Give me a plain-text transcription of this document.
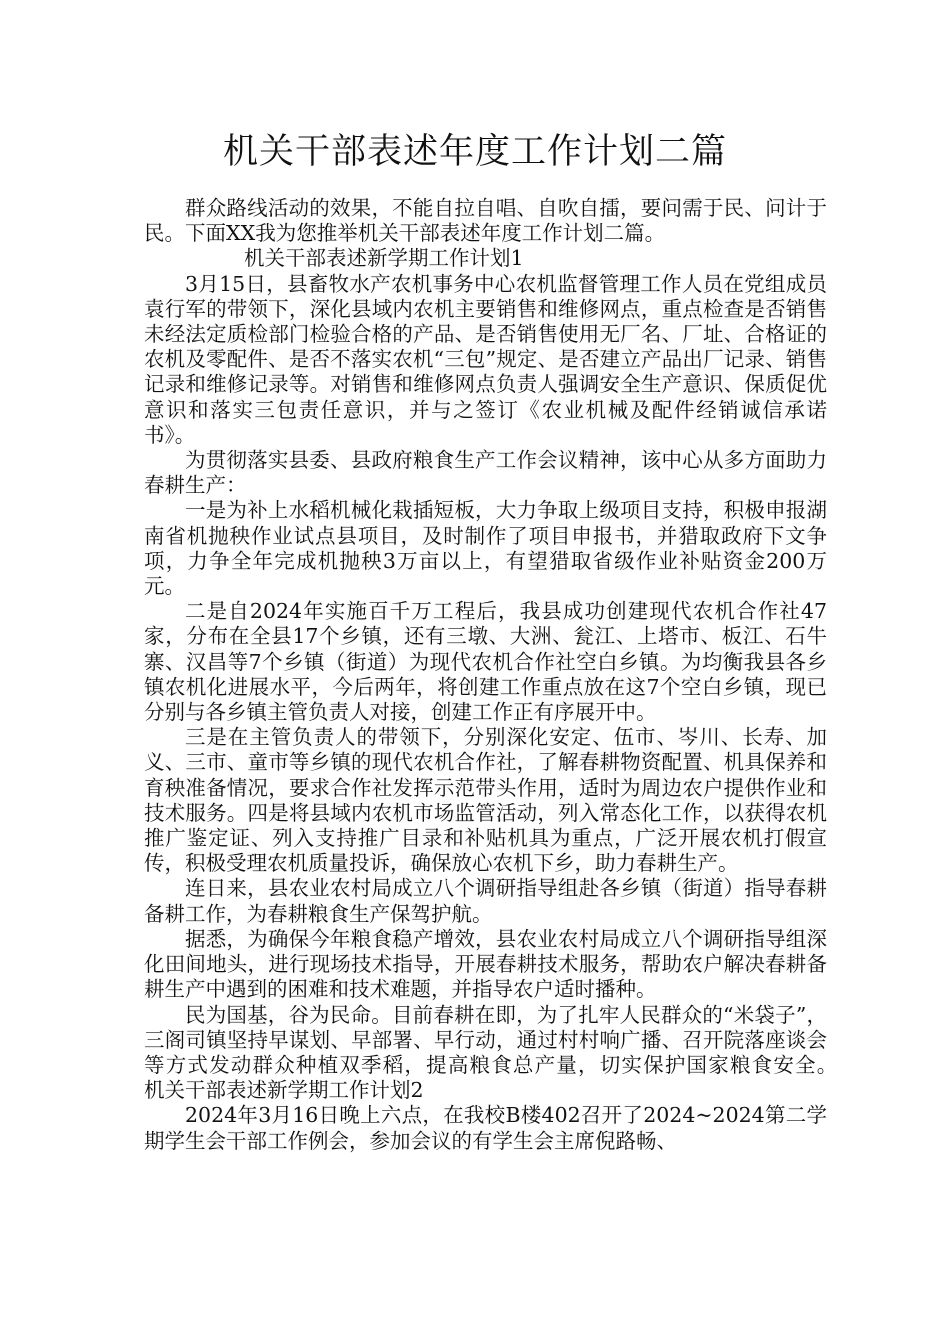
机关干部表述年度工作计划二篇

群众路线活动的效果，不能自拉自唱、自吹自擂，要问需于民、问计于民。下面XX我为您推举机关干部表述年度工作计划二篇。

机关干部表述新学期工作计划1

3月15日，县畜牧水产农机事务中心农机监督管理工作人员在党组成员袁行军的带领下，深化县域内农机主要销售和维修网点，重点检查是否销售未经法定质检部门检验合格的产品、是否销售使用无厂名、厂址、合格证的农机及零配件、是否不落实农机“三包”规定、是否建立产品出厂记录、销售记录和维修记录等。对销售和维修网点负责人强调安全生产意识、保质促优意识和落实三包责任意识，并与之签订《农业机械及配件经销诚信承诺书》。

为贯彻落实县委、县政府粮食生产工作会议精神，该中心从多方面助力春耕生产：

一是为补上水稻机械化栽插短板，大力争取上级项目支持，积极申报湖南省机抛秧作业试点县项目，及时制作了项目申报书，并猎取政府下文争项，力争全年完成机抛秧3万亩以上，有望猎取省级作业补贴资金200万元。

二是自2024年实施百千万工程后，我县成功创建现代农机合作社47家，分布在全县17个乡镇，还有三墩、大洲、瓮江、上塔市、板江、石牛寨、汉昌等7个乡镇（街道）为现代农机合作社空白乡镇。为均衡我县各乡镇农机化进展水平，今后两年，将创建工作重点放在这7个空白乡镇，现已分别与各乡镇主管负责人对接，创建工作正有序展开中。

三是在主管负责人的带领下，分别深化安定、伍市、岑川、长寿、加义、三市、童市等乡镇的现代农机合作社，了解春耕物资配置、机具保养和育秧准备情况，要求合作社发挥示范带头作用，适时为周边农户提供作业和技术服务。四是将县域内农机市场监管活动，列入常态化工作，以获得农机推广鉴定证、列入支持推广目录和补贴机具为重点，广泛开展农机打假宣传，积极受理农机质量投诉，确保放心农机下乡，助力春耕生产。

连日来，县农业农村局成立八个调研指导组赴各乡镇（街道）指导春耕备耕工作，为春耕粮食生产保驾护航。

据悉，为确保今年粮食稳产增效，县农业农村局成立八个调研指导组深化田间地头，进行现场技术指导，开展春耕技术服务，帮助农户解决春耕备耕生产中遇到的困难和技术难题，并指导农户适时播种。

民为国基，谷为民命。目前春耕在即，为了扎牢人民群众的“米袋子”，三阁司镇坚持早谋划、早部署、早行动，通过村村响广播、召开院落座谈会等方式发动群众种植双季稻，提高粮食总产量，切实保护国家粮食安全。　　机关干部表述新学期工作计划2

2024年3月16日晚上六点，在我校B楼402召开了2024~2024第二学期学生会干部工作例会，参加会议的有学生会主席倪路畅、
